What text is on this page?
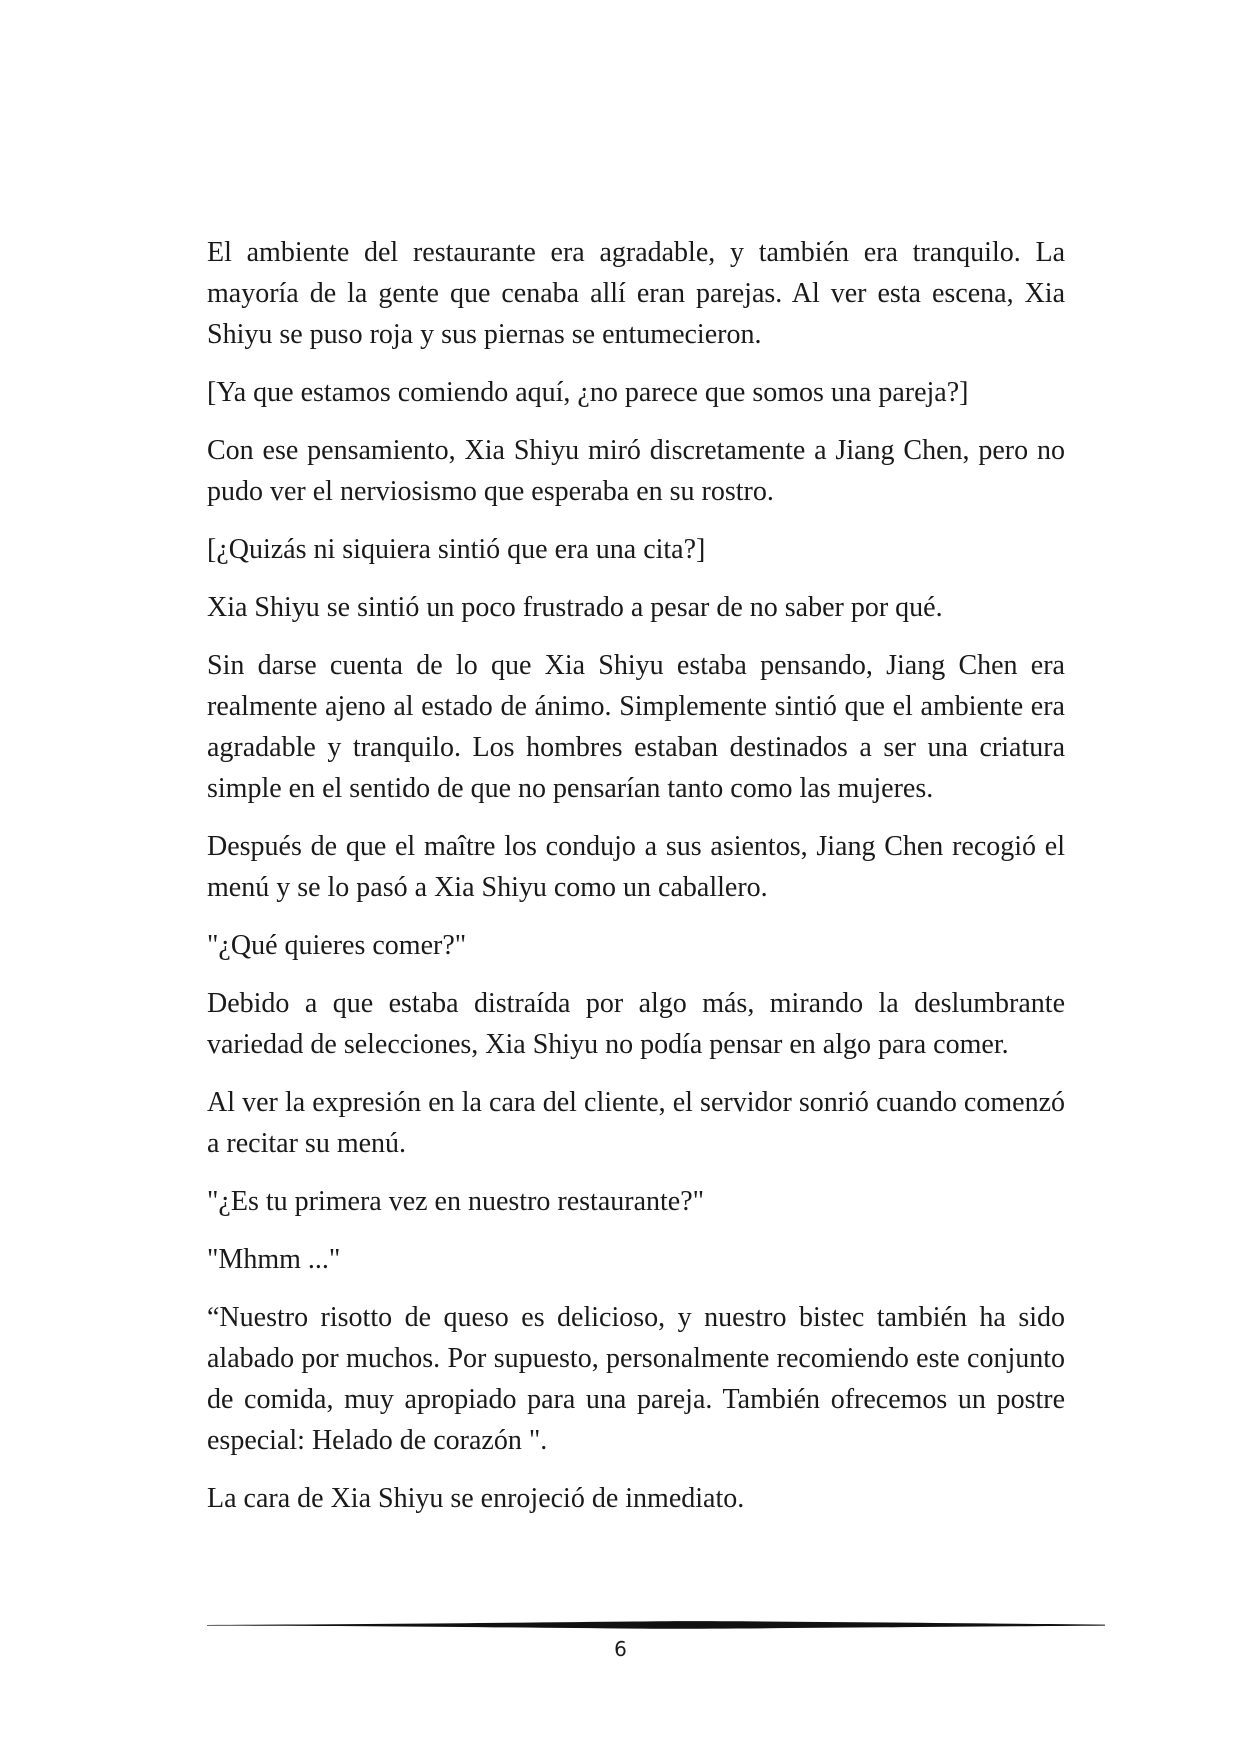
El ambiente del restaurante era agradable, y también era tranquilo. La mayoría de la gente que cenaba allí eran parejas. Al ver esta escena, Xia Shiyu se puso roja y sus piernas se entumecieron.

[Ya que estamos comiendo aquí, ¿no parece que somos una pareja?]

Con ese pensamiento, Xia Shiyu miró discretamente a Jiang Chen, pero no pudo ver el nerviosismo que esperaba en su rostro.

[¿Quizás ni siquiera sintió que era una cita?]

Xia Shiyu se sintió un poco frustrado a pesar de no saber por qué.

Sin darse cuenta de lo que Xia Shiyu estaba pensando, Jiang Chen era realmente ajeno al estado de ánimo. Simplemente sintió que el ambiente era agradable y tranquilo. Los hombres estaban destinados a ser una criatura simple en el sentido de que no pensarían tanto como las mujeres.

Después de que el maître los condujo a sus asientos, Jiang Chen recogió el menú y se lo pasó a Xia Shiyu como un caballero.

"¿Qué quieres comer?"

Debido a que estaba distraída por algo más, mirando la deslumbrante variedad de selecciones, Xia Shiyu no podía pensar en algo para comer.

Al ver la expresión en la cara del cliente, el servidor sonrió cuando comenzó a recitar su menú.

"¿Es tu primera vez en nuestro restaurante?"

"Mhmm ..."

“Nuestro risotto de queso es delicioso, y nuestro bistec también ha sido alabado por muchos. Por supuesto, personalmente recomiendo este conjunto de comida, muy apropiado para una pareja. También ofrecemos un postre especial: Helado de corazón ".

La cara de Xia Shiyu se enrojeció de inmediato.

6
